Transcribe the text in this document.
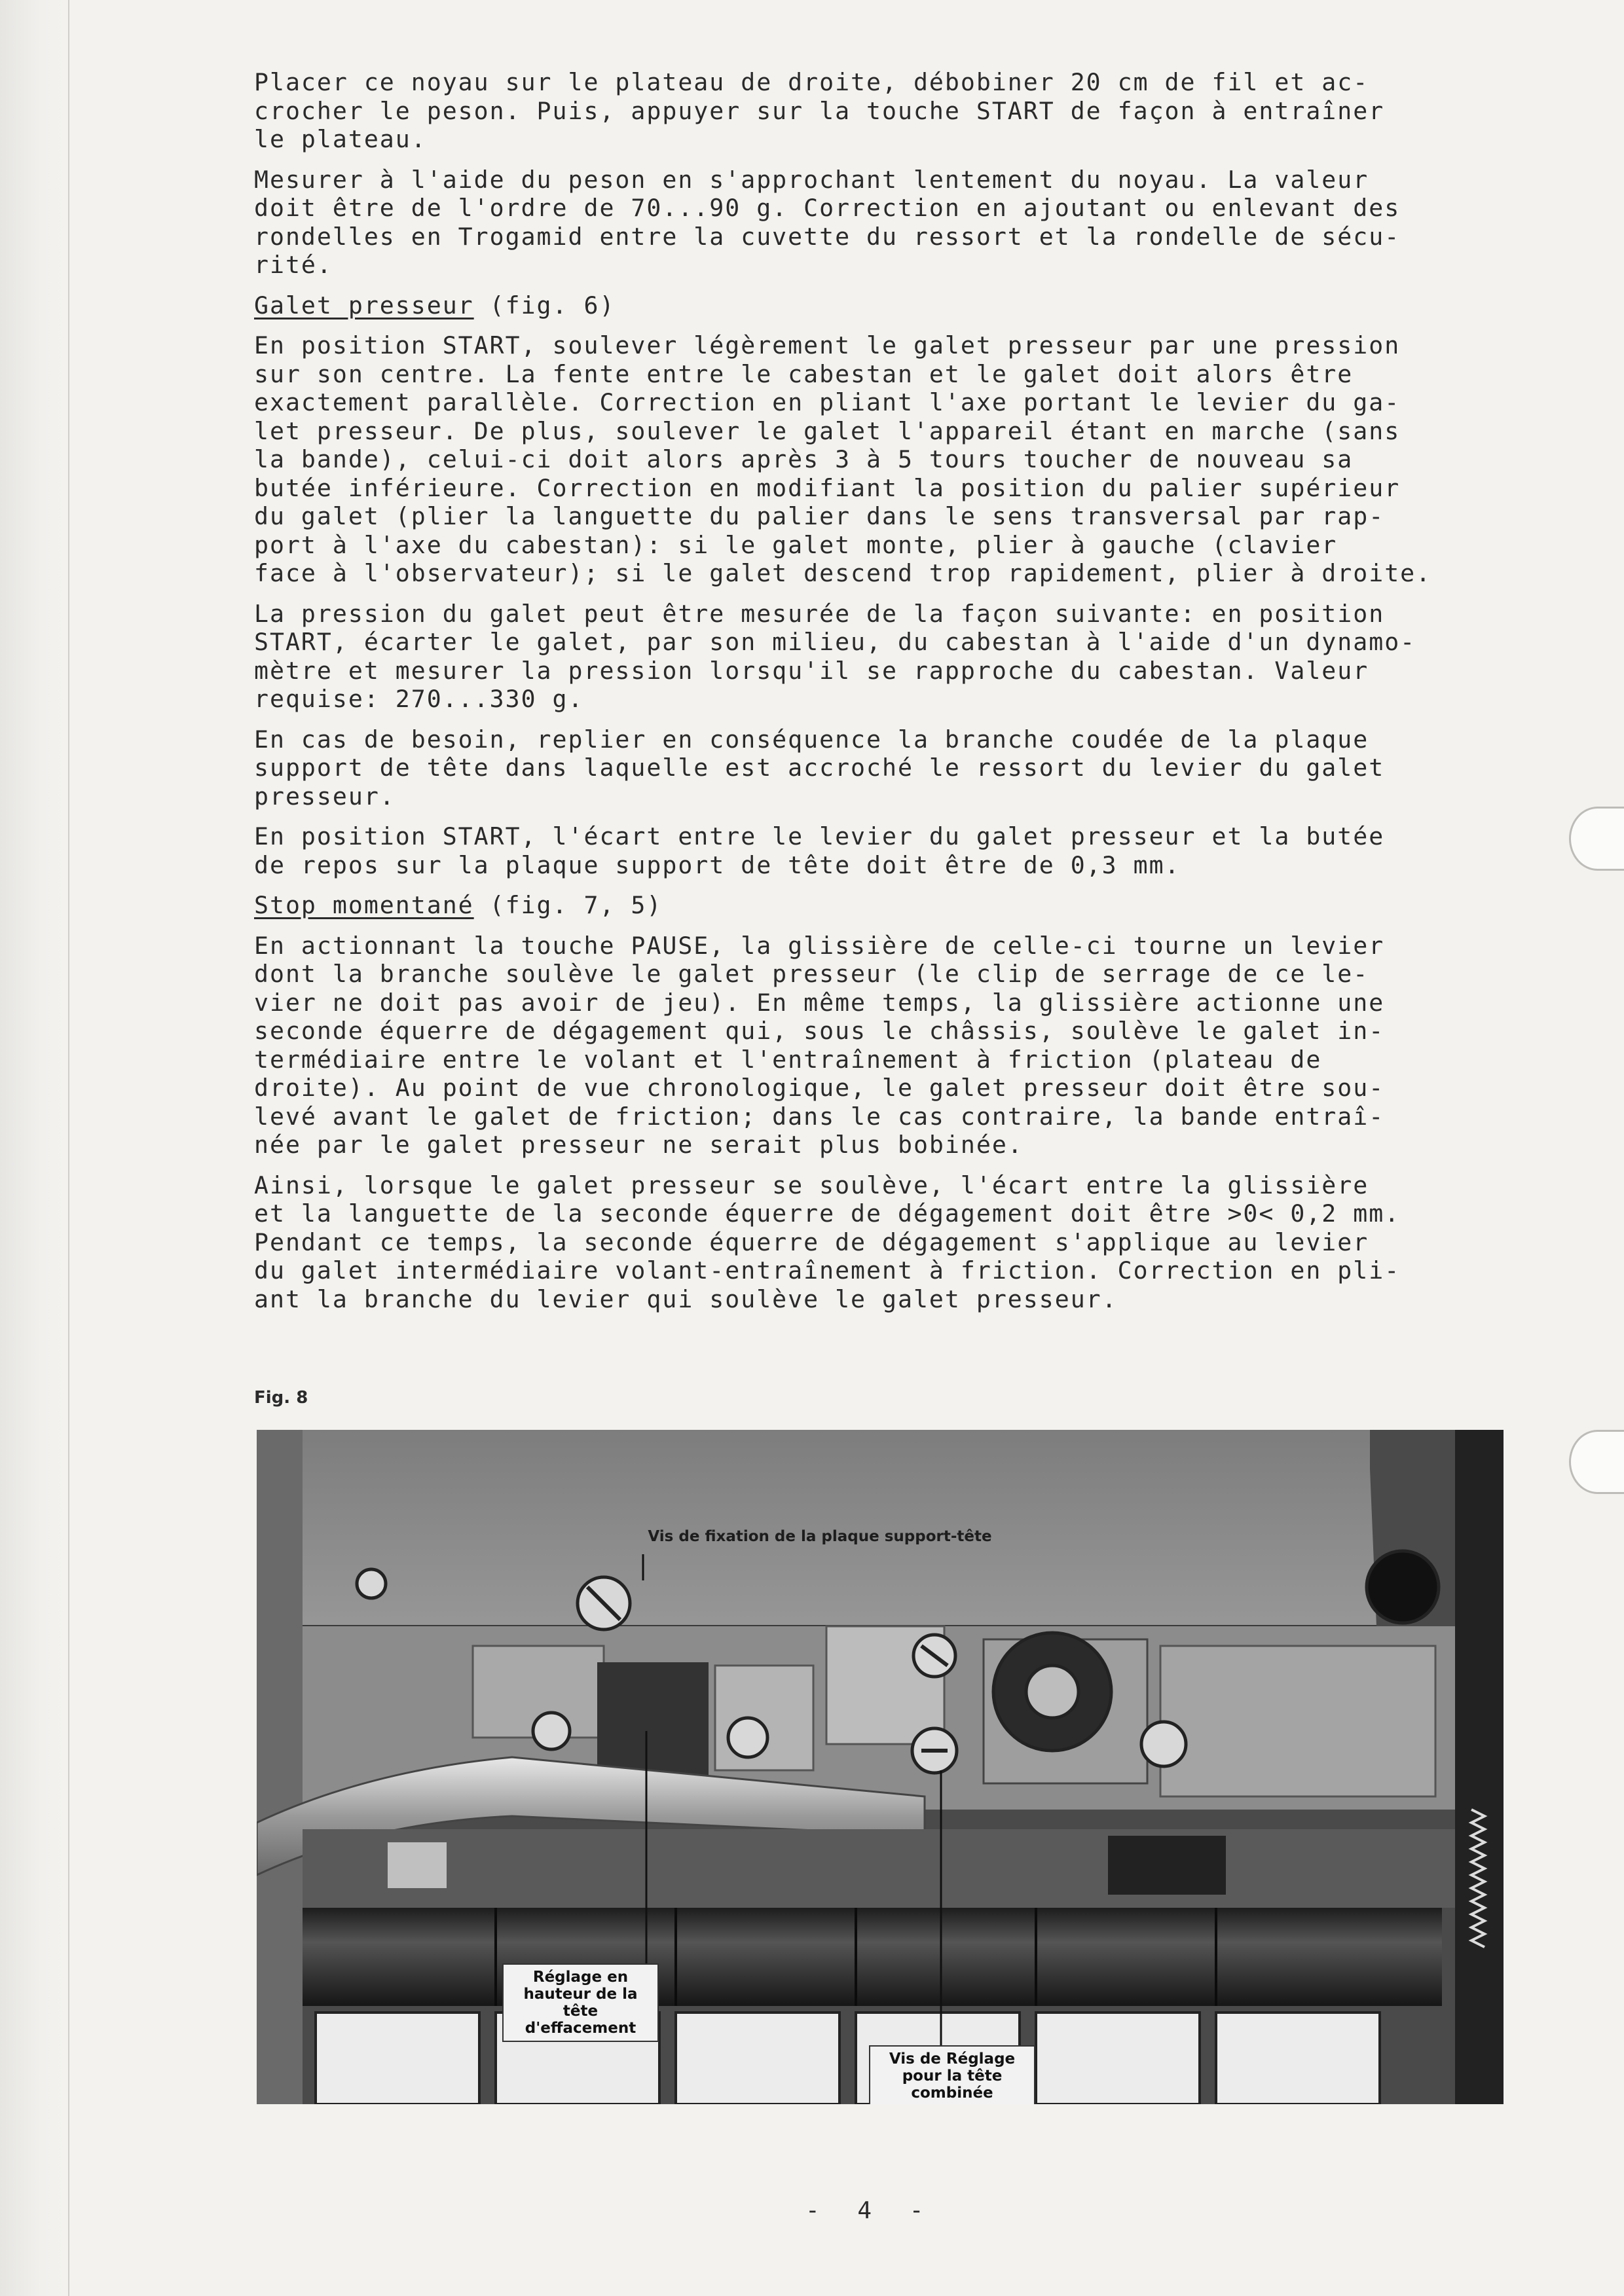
Placer ce noyau sur le plateau de droite, débobiner 20 cm de fil et ac-
crocher le peson. Puis, appuyer sur la touche START de façon à entraîner
le plateau.
Mesurer à l'aide du peson en s'approchant lentement du noyau. La valeur
doit être de l'ordre de 70...90 g. Correction en ajoutant ou enlevant des
rondelles en Trogamid entre la cuvette du ressort et la rondelle de sécu-
rité.
Galet presseur (fig. 6)
En position START, soulever légèrement le galet presseur par une pression
sur son centre. La fente entre le cabestan et le galet doit alors être
exactement parallèle. Correction en pliant l'axe portant le levier du ga-
let presseur. De plus, soulever le galet l'appareil étant en marche (sans
la bande), celui-ci doit alors après 3 à 5 tours toucher de nouveau sa
butée inférieure. Correction en modifiant la position du palier supérieur
du galet (plier la languette du palier dans le sens transversal par rap-
port à l'axe du cabestan): si le galet monte, plier à gauche (clavier
face à l'observateur); si le galet descend trop rapidement, plier à droite.
La pression du galet peut être mesurée de la façon suivante: en position
START, écarter le galet, par son milieu, du cabestan à l'aide d'un dynamo-
mètre et mesurer la pression lorsqu'il se rapproche du cabestan. Valeur
requise: 270...330 g.
En cas de besoin, replier en conséquence la branche coudée de la plaque
support de tête dans laquelle est accroché le ressort du levier du galet
presseur.
En position START, l'écart entre le levier du galet presseur et la butée
de repos sur la plaque support de tête doit être de 0,3 mm.
Stop momentané (fig. 7, 5)
En actionnant la touche PAUSE, la glissière de celle-ci tourne un levier
dont la branche soulève le galet presseur (le clip de serrage de ce le-
vier ne doit pas avoir de jeu). En même temps, la glissière actionne une
seconde équerre de dégagement qui, sous le châssis, soulève le galet in-
termédiaire entre le volant et l'entraînement à friction (plateau de
droite). Au point de vue chronologique, le galet presseur doit être sou-
levé avant le galet de friction; dans le cas contraire, la bande entraî-
née par le galet presseur ne serait plus bobinée.
Ainsi, lorsque le galet presseur se soulève, l'écart entre la glissière
et la languette de la seconde équerre de dégagement doit être >0< 0,2 mm.
Pendant ce temps, la seconde équerre de dégagement s'applique au levier
du galet intermédiaire volant-entraînement à friction. Correction en pli-
ant la branche du levier qui soulève le galet presseur.
Fig. 8
Vis de fixation de la plaque support-tête
Réglage en hauteur de la tête d'effacement
Vis de Réglage pour la tête combinée
- 4 -
